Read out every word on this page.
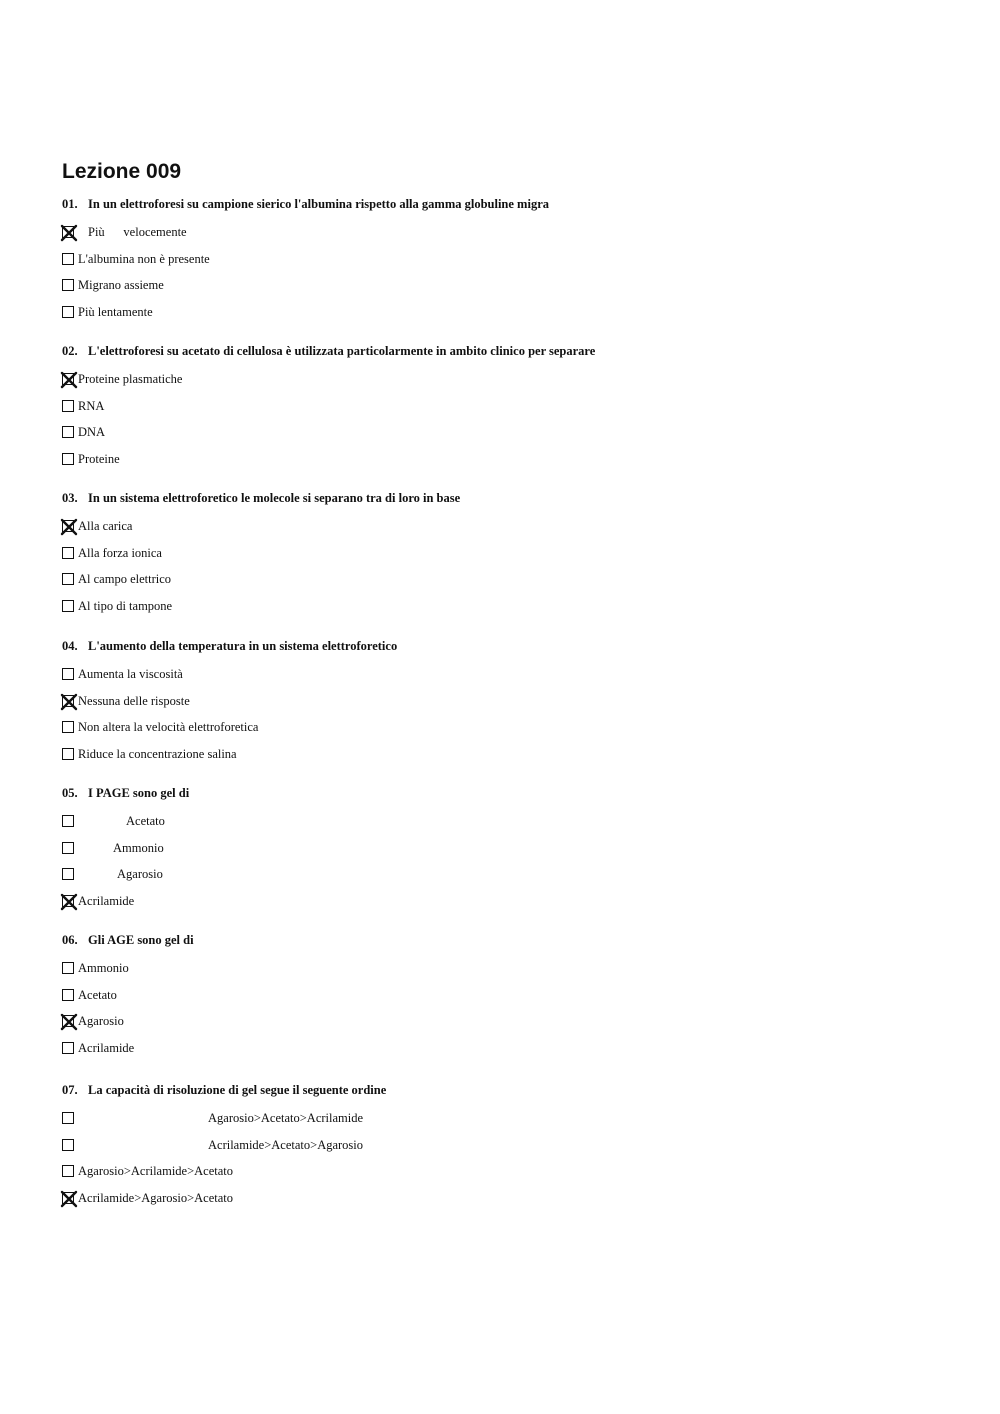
Lezione 009
01. In un elettroforesi su campione sierico l'albumina rispetto alla gamma globuline migra
Più      velocemente
L'albumina non è presente
Migrano assieme
Più lentamente
02. L'elettroforesi su acetato di cellulosa è utilizzata particolarmente in ambito clinico per separare
Proteine plasmatiche
RNA
DNA
Proteine
03. In un sistema elettroforetico le molecole si separano tra di loro in base
Alla carica
Alla forza ionica
Al campo elettrico
Al tipo di tampone
04. L'aumento della temperatura in un sistema elettroforetico
Aumenta la viscosità
Nessuna delle risposte
Non altera la velocità elettroforetica
Riduce la concentrazione salina
05. I PAGE sono gel di
Acetato
Ammonio
Agarosio
Acrilamide
06. Gli AGE sono gel di
Ammonio
Acetato
Agarosio
Acrilamide
07. La capacità di risoluzione di gel segue il seguente ordine
Agarosio>Acetato>Acrilamide
Acrilamide>Acetato>Agarosio
Agarosio>Acrilamide>Acetato
Acrilamide>Agarosio>Acetato
